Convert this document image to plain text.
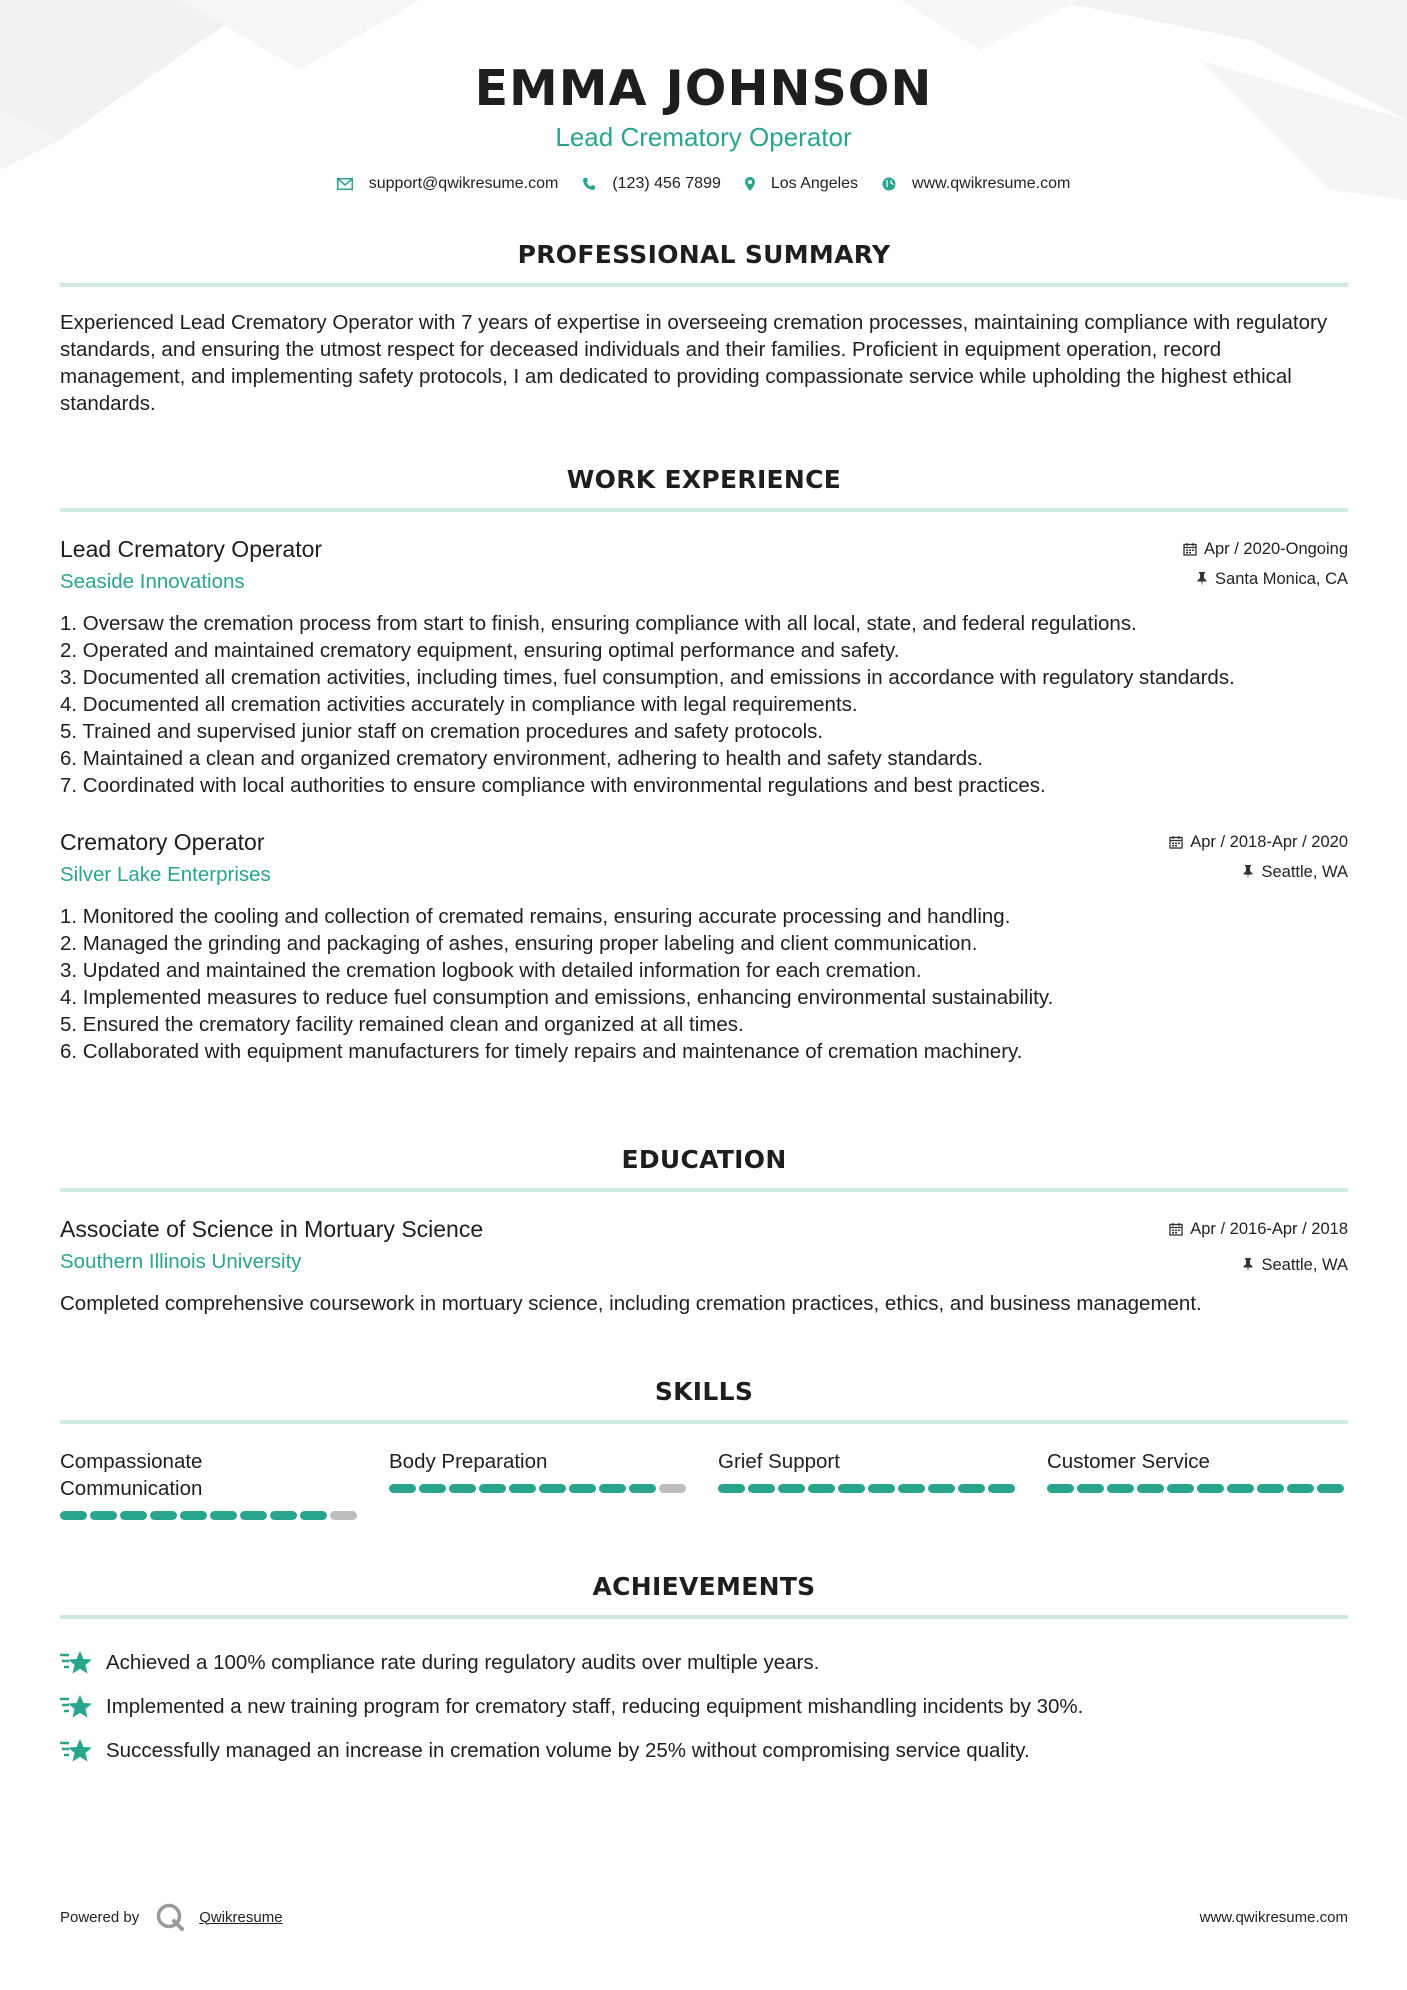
EMMA JOHNSON
Lead Crematory Operator
support@qwikresume.com	(123) 456 7899	Los Angeles	www.qwikresume.com
PROFESSIONAL SUMMARY
Experienced Lead Crematory Operator with 7 years of expertise in overseeing cremation processes, maintaining compliance with regulatory standards, and ensuring the utmost respect for deceased individuals and their families. Proficient in equipment operation, record management, and implementing safety protocols, I am dedicated to providing compassionate service while upholding the highest ethical standards.
WORK EXPERIENCE
Lead Crematory Operator
Seaside Innovations
Apr / 2020-Ongoing
Santa Monica, CA
1. Oversaw the cremation process from start to finish, ensuring compliance with all local, state, and federal regulations.
2. Operated and maintained crematory equipment, ensuring optimal performance and safety.
3. Documented all cremation activities, including times, fuel consumption, and emissions in accordance with regulatory standards.
4. Documented all cremation activities accurately in compliance with legal requirements.
5. Trained and supervised junior staff on cremation procedures and safety protocols.
6. Maintained a clean and organized crematory environment, adhering to health and safety standards.
7. Coordinated with local authorities to ensure compliance with environmental regulations and best practices.
Crematory Operator
Silver Lake Enterprises
Apr / 2018-Apr / 2020
Seattle, WA
1. Monitored the cooling and collection of cremated remains, ensuring accurate processing and handling.
2. Managed the grinding and packaging of ashes, ensuring proper labeling and client communication.
3. Updated and maintained the cremation logbook with detailed information for each cremation.
4. Implemented measures to reduce fuel consumption and emissions, enhancing environmental sustainability.
5. Ensured the crematory facility remained clean and organized at all times.
6. Collaborated with equipment manufacturers for timely repairs and maintenance of cremation machinery.
EDUCATION
Associate of Science in Mortuary Science
Southern Illinois University
Apr / 2016-Apr / 2018
Seattle, WA
Completed comprehensive coursework in mortuary science, including cremation practices, ethics, and business management.
SKILLS
Compassionate
Communication
Body Preparation	Grief Support	Customer Service
ACHIEVEMENTS
Achieved a 100% compliance rate during regulatory audits over multiple years.
Implemented a new training program for crematory staff, reducing equipment mishandling incidents by 30%.
Successfully managed an increase in cremation volume by 25% without compromising service quality.
Powered by	Qwikresume	www.qwikresume.com
